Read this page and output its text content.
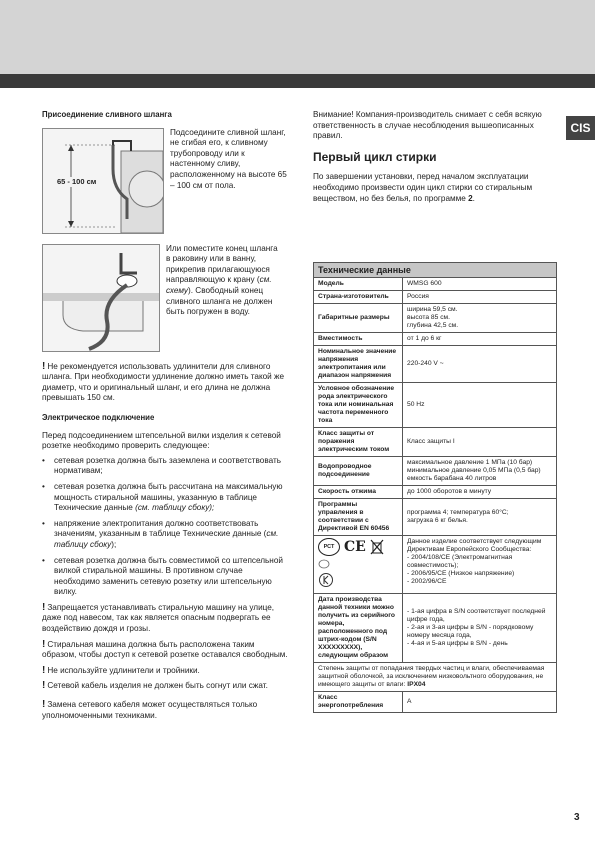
CIS
Присоединение сливного шланга
65 - 100 см
Подсоедините сливной шланг, не сгибая его, к сливному трубопроводу или к настенному сливу, расположенному на высоте 65 – 100 см от пола.
Или поместите конец шланга в раковину или в ванну, прикрепив прилагающуюся направляющую к крану (см. схему). Свободный конец сливного шланга не должен быть погружен в воду.
! Не рекомендуется использовать удлинители для сливного шланга. При необходимости удлинение должно иметь такой же диаметр, что и оригинальный шланг, и его длина не должна превышать 150 см.
Электрическое подключение
Перед подсоединением штепсельной вилки изделия к сетевой розетке необходимо проверить следующее:
•	сетевая розетка должна быть заземлена и соответствовать нормативам;
•	сетевая розетка должна быть рассчитана на максимальную мощность стиральной машины, указанную в таблице Технические данные (см. таблицу сбоку);
•	напряжение электропитания должно соответствовать значениям, указанным в таблице Технические данные (см. таблицу сбоку);
•	сетевая розетка должна быть совместимой со штепсельной вилкой стиральной машины. В противном случае необходимо заменить сетевую розетку или штепсельную вилку.
! Запрещается устанавливать стиральную машину на улице, даже под навесом, так как является опасным подвергать ее воздействию дождя и грозы.
! Стиральная машина должна быть расположена таким образом, чтобы доступ к сетевой розетке оставался свободным.
! Не используйте удлинители и тройники.
! Сетевой кабель изделия не должен быть согнут или сжат.
! Замена сетевого кабеля может осуществляться только уполномоченными техниками.
Внимание! Компания-производитель снимает с себя всякую ответственность в случае несоблюдения вышеописанных правил.
Первый цикл стирки
По завершении установки, перед началом эксплуатации необходимо произвести один цикл стирки со стиральным веществом, но без белья, по программе 2.
Технические данные	
Модель	WMSG 600
Страна-изготовитель	Россия
Габаритные размеры	ширина 59,5 см.
высота 85 см.
глубина 42,5 см.
Вместимость	от 1 до 6 кг
Номинальное значение напряжения электропитания или диапазон напряжения	220-240 V ~
Условное обозначение рода электрического тока или номинальная частота переменного тока	50 Hz
Класс защиты от поражения электрическим током	Класс защиты I
Водопроводное подсоединение	максимальное давление 1 МПа (10 бар)
минимальное давление 0,05 МПа (0,5 бар)
емкость барабана 40 литров
Скорость отжима	до 1000 оборотов в минуту
Программы управления в соответствии с Директивой EN 60456	программа 4; температура 60°С;
загрузка 6 кг белья.

РСТ CE	Данное изделие соответствует следующим Директивам Европейского Сообщества:
- 2004/108/CE (Электромагнитная совместимость);
- 2006/95/CE (Низкое напряжение)
- 2002/96/CE
Дата производства данной техники можно получить из серийного номера, расположенного под штрих-кодом (S/N XXXXXXXXX), следующим образом	- 1-ая цифра в S/N соответствует последней цифре года,
- 2-ая и 3-ая цифры в S/N - порядковому номеру месяца года,
- 4-ая и 5-ая цифры в S/N - день
Степень защиты от попадания твердых частиц и влаги, обеспечиваемая защитной оболочкой, за исключением низковольтного оборудования, не имеющего защиты от влаги: IPX04	
Класс энергопотребления	A
3
